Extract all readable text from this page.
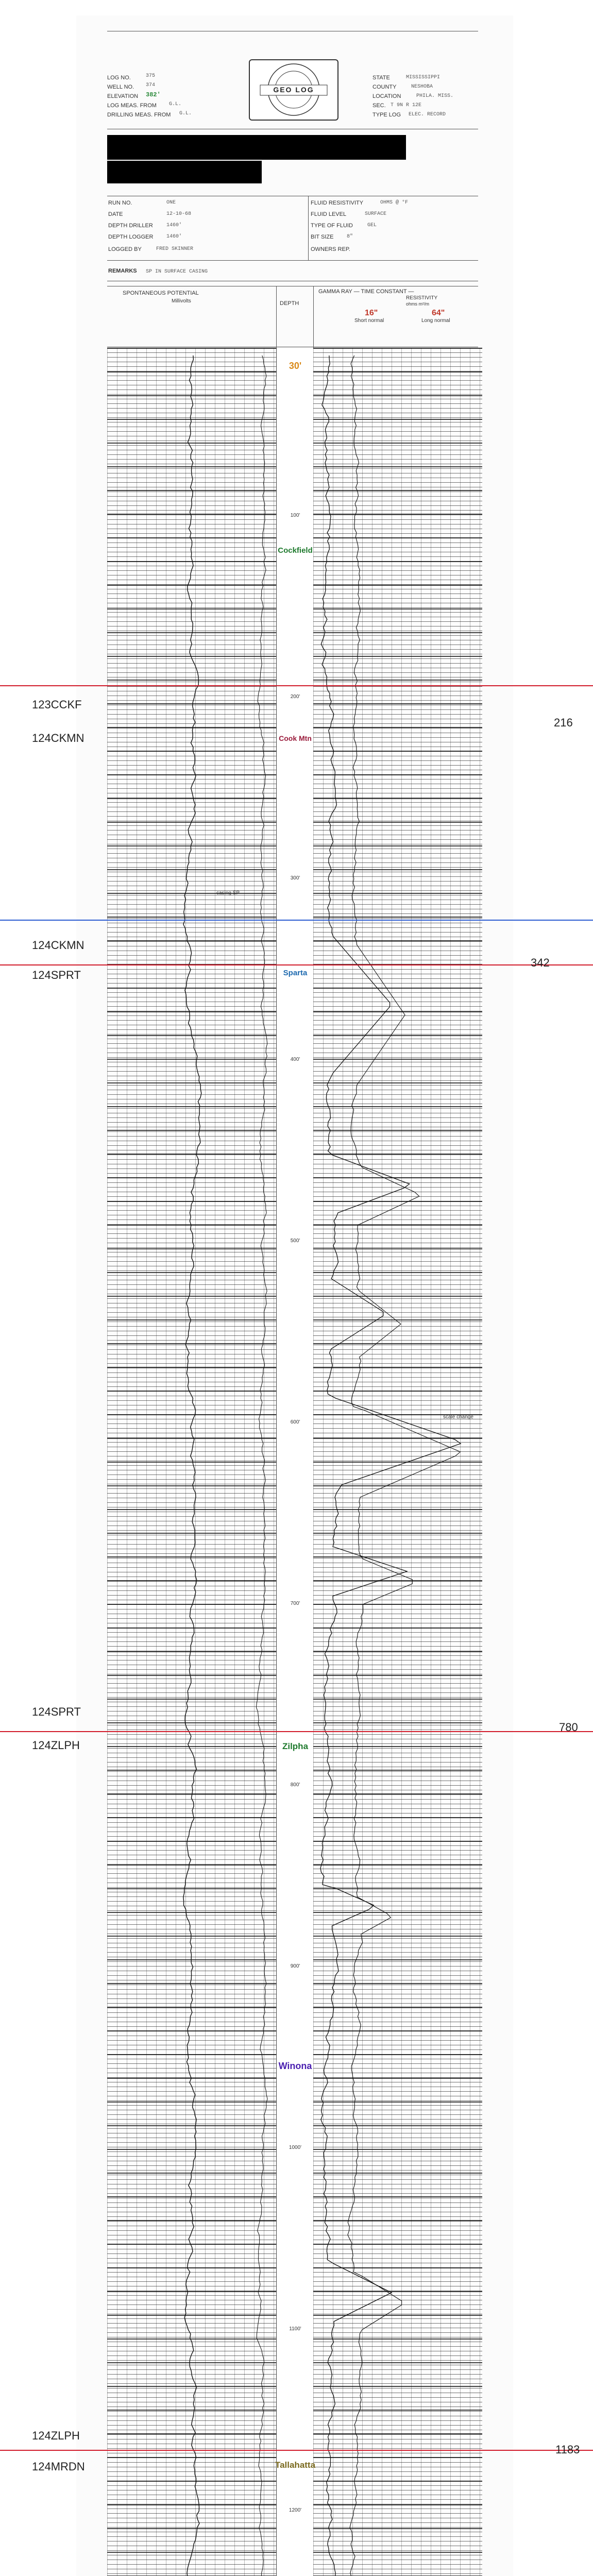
LOG NO.	375
WELL NO. 374
ELEVATION 382'
LOG MEAS. FROM G.L.
DRILLING MEAS. FROM G.L.
GEO LOG
STATE	MISSISSIPPI
COUNTY	NESHOBA
LOCATION	PHILA. MISS.
SEC. T 9N R 12E
TYPE LOG ELEC. RECORD
RUN NO.	ONE
DATE	12-10-68
DEPTH DRILLER	1460'
DEPTH LOGGER	1460'
LOGGED BY	FRED SKINNER
FLUID RESISTIVITY	OHMS @ °F
FLUID LEVEL	SURFACE
TYPE OF FLUID	GEL
BIT SIZE	8"
OWNERS REP.
REMARKS SP IN SURFACE CASING
SPONTANEOUS POTENTIAL
Millivolts	DEPTH
GAMMA RAY — TIME CONSTANT —
RESISTIVITY
ohms m²/m
16"
Short normal
64"
Long normal
30'
100'
200'
300'
400'
500'
600'
700'
800'
900'
1000'
1100'
1200'
Cockfield
Cook Mtn
Sparta
Zilpha
Winona
Tallahatta
casing SP
scale change
123CCKF
124CKMN
216
124CKMN
124SPRT
342
124SPRT
124ZLPH
780
124ZLPH
124MRDN
1183
